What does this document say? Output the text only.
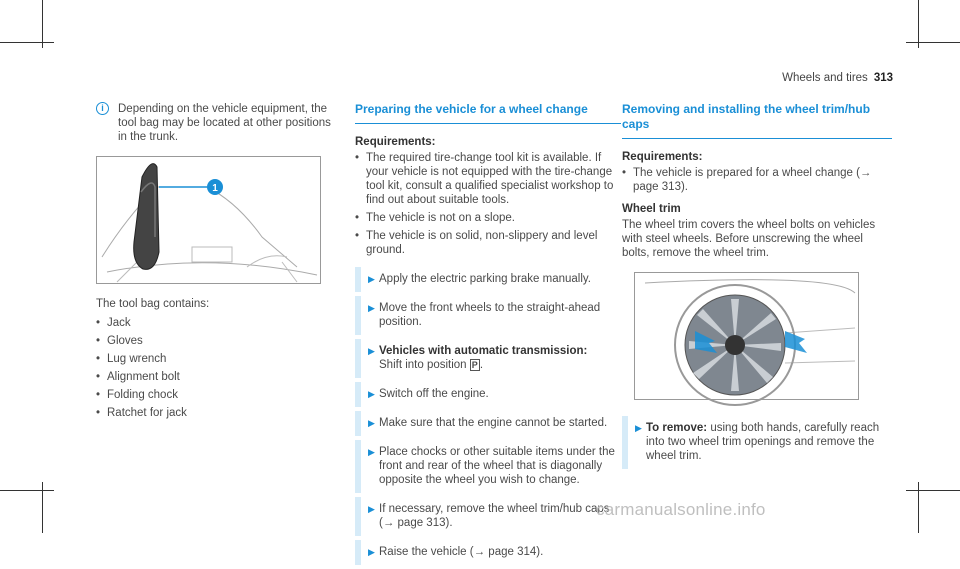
Wheels and tires 313
i	Depending on the vehicle equipment, the tool bag may be located at other positions in the trunk.
1
The tool bag contains:
• Jack
• Gloves
• Lug wrench
• Alignment bolt
• Folding chock
• Ratchet for jack
Preparing the vehicle for a wheel change
Requirements:
• The required tire-change tool kit is available. If your vehicle is not equipped with the tire-change tool kit, consult a qualified specialist workshop to find out about suitable tools.
• The vehicle is not on a slope.
• The vehicle is on solid, non-slippery and level ground.
▶ Apply the electric parking brake manually.
▶ Move the front wheels to the straight-ahead position.
▶ Vehicles with automatic transmission:
Shift into position P .
▶ Switch off the engine.
▶ Make sure that the engine cannot be started.
▶ Place chocks or other suitable items under the front and rear of the wheel that is diagonally opposite the wheel you wish to change.
▶ If necessary, remove the wheel trim/hub caps (→ page 313).
▶ Raise the vehicle (→ page 314).
Removing and installing the wheel trim/hub caps
Requirements:
• The vehicle is prepared for a wheel change (→ page 313).
Wheel trim
The wheel trim covers the wheel bolts on vehicles with steel wheels. Before unscrewing the wheel bolts, remove the wheel trim.
▶ To remove: using both hands, carefully reach into two wheel trim openings and remove the wheel trim.
carmanualsonline.info
